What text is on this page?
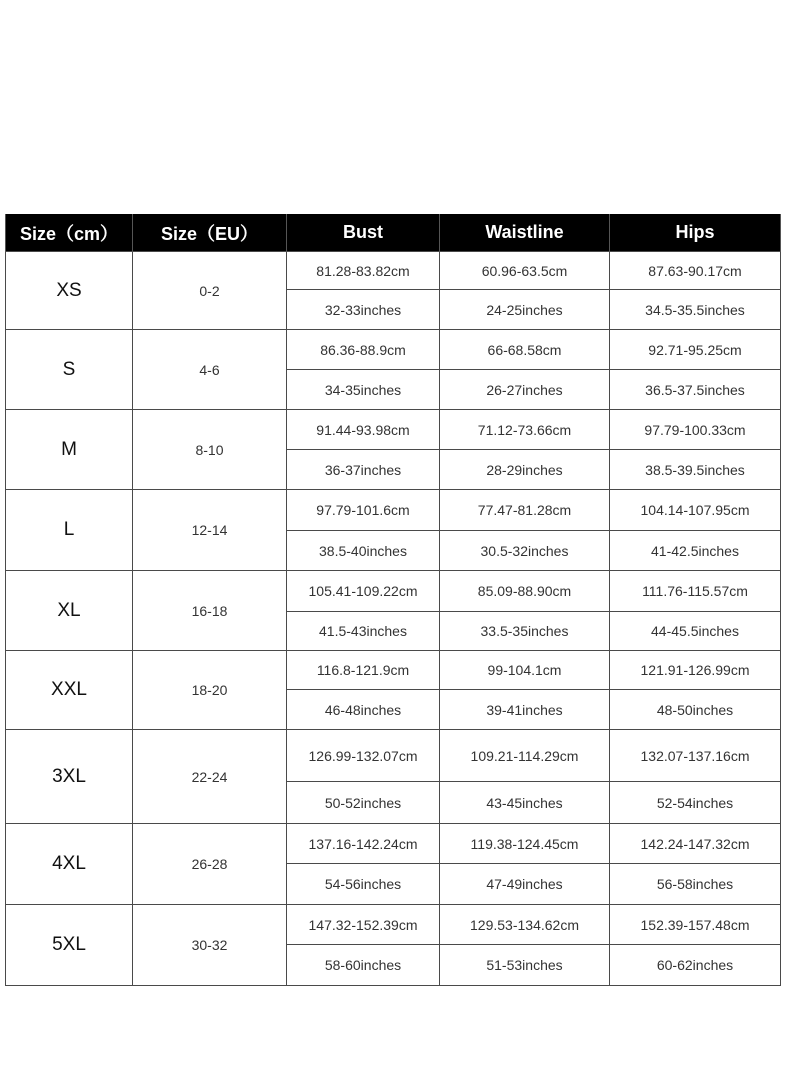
Size（cm）	Size（EU）	Bust	Waistline	Hips
XS	0-2	81.28-83.82cm	60.96-63.5cm	87.63-90.17cm
		32-33inches	24-25inches	34.5-35.5inches
S	4-6	86.36-88.9cm	66-68.58cm	92.71-95.25cm
		34-35inches	26-27inches	36.5-37.5inches
M	8-10	91.44-93.98cm	71.12-73.66cm	97.79-100.33cm
		36-37inches	28-29inches	38.5-39.5inches
L	12-14	97.79-101.6cm	77.47-81.28cm	104.14-107.95cm
		38.5-40inches	30.5-32inches	41-42.5inches
XL	16-18	105.41-109.22cm	85.09-88.90cm	111.76-115.57cm
		41.5-43inches	33.5-35inches	44-45.5inches
XXL	18-20	116.8-121.9cm	99-104.1cm	121.91-126.99cm
		46-48inches	39-41inches	48-50inches
3XL	22-24	126.99-132.07cm	109.21-114.29cm	132.07-137.16cm
		50-52inches	43-45inches	52-54inches
4XL	26-28	137.16-142.24cm	119.38-124.45cm	142.24-147.32cm
		54-56inches	47-49inches	56-58inches
5XL	30-32	147.32-152.39cm	129.53-134.62cm	152.39-157.48cm
		58-60inches	51-53inches	60-62inches
